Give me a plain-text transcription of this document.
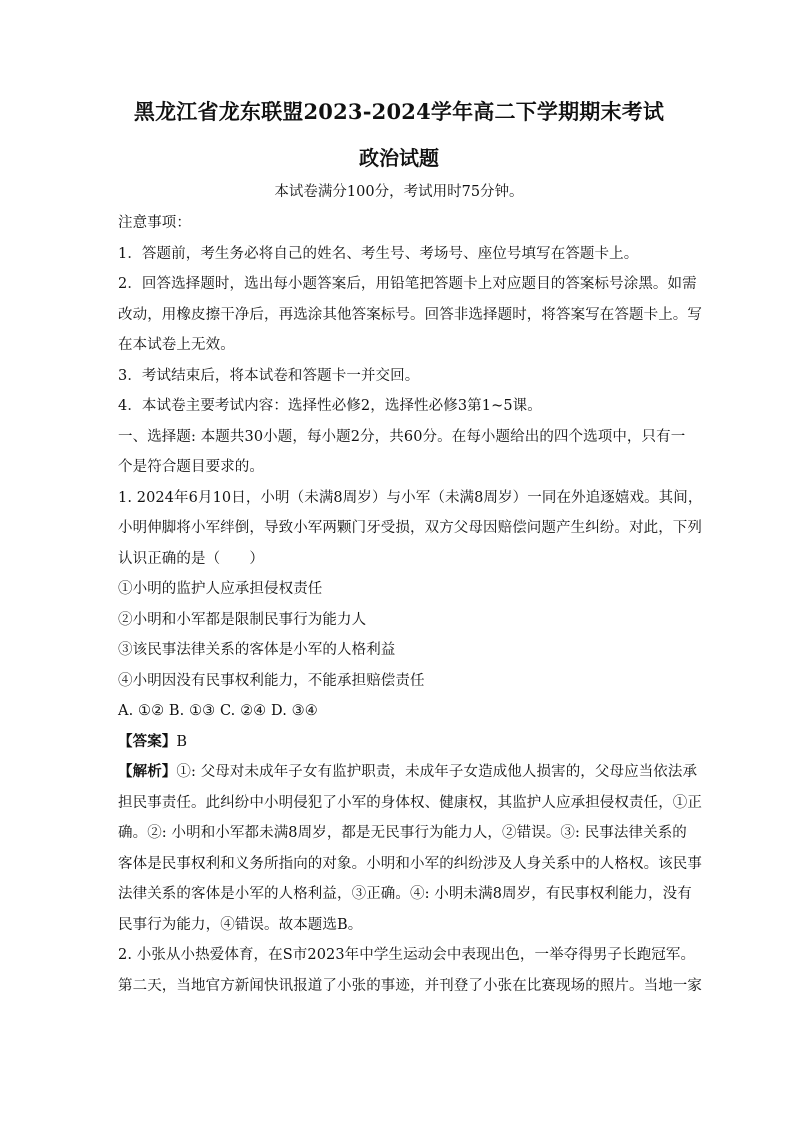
黑龙江省龙东联盟2023-2024学年高二下学期期末考试
政治试题

本试卷满分100分，考试用时75分钟。

注意事项：

1．答题前，考生务必将自己的姓名、考生号、考场号、座位号填写在答题卡上。

2．回答选择题时，选出每小题答案后，用铅笔把答题卡上对应题目的答案标号涂黑。如需

改动，用橡皮擦干净后，再选涂其他答案标号。回答非选择题时，将答案写在答题卡上。写

在本试卷上无效。

3．考试结束后，将本试卷和答题卡一并交回。

4．本试卷主要考试内容：选择性必修2，选择性必修3第1~5课。

一、选择题: 本题共30小题，每小题2分，共60分。在每小题给出的四个选项中，只有一

个是符合题目要求的。

1. 2024年6月10日，小明（未满8周岁）与小军（未满8周岁）一同在外追逐嬉戏。其间，

小明伸脚将小军绊倒，导致小军两颗门牙受损，双方父母因赔偿问题产生纠纷。对此，下列

认识正确的是（　　）

①小明的监护人应承担侵权责任

②小明和小军都是限制民事行为能力人

③该民事法律关系的客体是小军的人格利益

④小明因没有民事权利能力，不能承担赔偿责任

A. ①② B. ①③ C. ②④ D. ③④

【答案】B

【解析】①: 父母对未成年子女有监护职责，未成年子女造成他人损害的，父母应当依法承

担民事责任。此纠纷中小明侵犯了小军的身体权、健康权，其监护人应承担侵权责任，①正

确。②: 小明和小军都未满8周岁，都是无民事行为能力人，②错误。③: 民事法律关系的

客体是民事权利和义务所指向的对象。小明和小军的纠纷涉及人身关系中的人格权。该民事

法律关系的客体是小军的人格利益，③正确。④: 小明未满8周岁，有民事权利能力，没有

民事行为能力，④错误。故本题选B。

2. 小张从小热爱体育，在S市2023年中学生运动会中表现出色，一举夺得男子长跑冠军。

第二天，当地官方新闻快讯报道了小张的事迹，并刊登了小张在比赛现场的照片。当地一家
